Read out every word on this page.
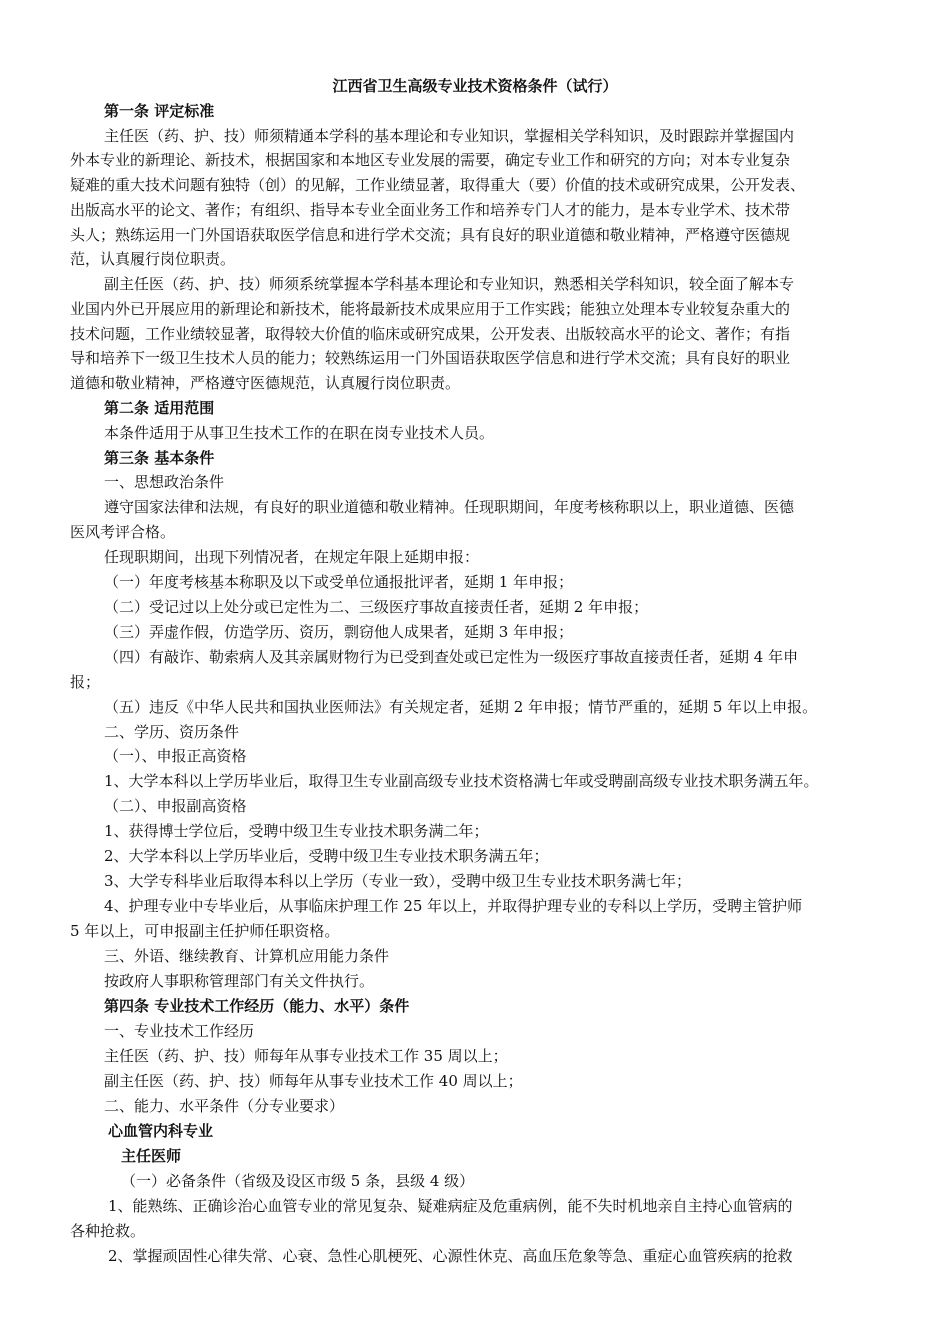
江西省卫生高级专业技术资格条件（试行）
第一条 评定标准
主任医（药、护、技）师须精通本学科的基本理论和专业知识，掌握相关学科知识，及时跟踪并掌握国内
外本专业的新理论、新技术，根据国家和本地区专业发展的需要，确定专业工作和研究的方向；对本专业复杂
疑难的重大技术问题有独特（创）的见解，工作业绩显著，取得重大（要）价值的技术或研究成果，公开发表、
出版高水平的论文、著作；有组织、指导本专业全面业务工作和培养专门人才的能力，是本专业学术、技术带
头人；熟练运用一门外国语获取医学信息和进行学术交流；具有良好的职业道德和敬业精神，严格遵守医德规
范，认真履行岗位职责。
副主任医（药、护、技）师须系统掌握本学科基本理论和专业知识，熟悉相关学科知识，较全面了解本专
业国内外已开展应用的新理论和新技术，能将最新技术成果应用于工作实践；能独立处理本专业较复杂重大的
技术问题，工作业绩较显著，取得较大价值的临床或研究成果，公开发表、出版较高水平的论文、著作；有指
导和培养下一级卫生技术人员的能力；较熟练运用一门外国语获取医学信息和进行学术交流；具有良好的职业
道德和敬业精神，严格遵守医德规范，认真履行岗位职责。
第二条 适用范围
本条件适用于从事卫生技术工作的在职在岗专业技术人员。
第三条 基本条件
一、思想政治条件
遵守国家法律和法规，有良好的职业道德和敬业精神。任现职期间，年度考核称职以上，职业道德、医德
医风考评合格。
任现职期间，出现下列情况者，在规定年限上延期申报：
（一）年度考核基本称职及以下或受单位通报批评者，延期 1 年申报；
（二）受记过以上处分或已定性为二、三级医疗事故直接责任者，延期 2 年申报；
（三）弄虚作假，仿造学历、资历，剽窃他人成果者，延期 3 年申报；
（四）有敲诈、勒索病人及其亲属财物行为已受到查处或已定性为一级医疗事故直接责任者，延期 4 年申
报；
（五）违反《中华人民共和国执业医师法》有关规定者，延期 2 年申报；情节严重的，延期 5 年以上申报。
二、学历、资历条件
（一）、申报正高资格
1、大学本科以上学历毕业后，取得卫生专业副高级专业技术资格满七年或受聘副高级专业技术职务满五年。
（二）、申报副高资格
1、获得博士学位后，受聘中级卫生专业技术职务满二年；
2、大学本科以上学历毕业后，受聘中级卫生专业技术职务满五年；
3、大学专科毕业后取得本科以上学历（专业一致），受聘中级卫生专业技术职务满七年；
4、护理专业中专毕业后，从事临床护理工作 25 年以上，并取得护理专业的专科以上学历，受聘主管护师
5 年以上，可申报副主任护师任职资格。
三、外语、继续教育、计算机应用能力条件
按政府人事职称管理部门有关文件执行。
第四条 专业技术工作经历（能力、水平）条件
一、专业技术工作经历
主任医（药、护、技）师每年从事专业技术工作 35 周以上；
副主任医（药、护、技）师每年从事专业技术工作 40 周以上；
二、能力、水平条件（分专业要求）
心血管内科专业
主任医师
（一）必备条件（省级及设区市级 5 条，县级 4 级）
1、能熟练、正确诊治心血管专业的常见复杂、疑难病症及危重病例，能不失时机地亲自主持心血管病的
各种抢救。
2、掌握顽固性心律失常、心衰、急性心肌梗死、心源性休克、高血压危象等急、重症心血管疾病的抢救
